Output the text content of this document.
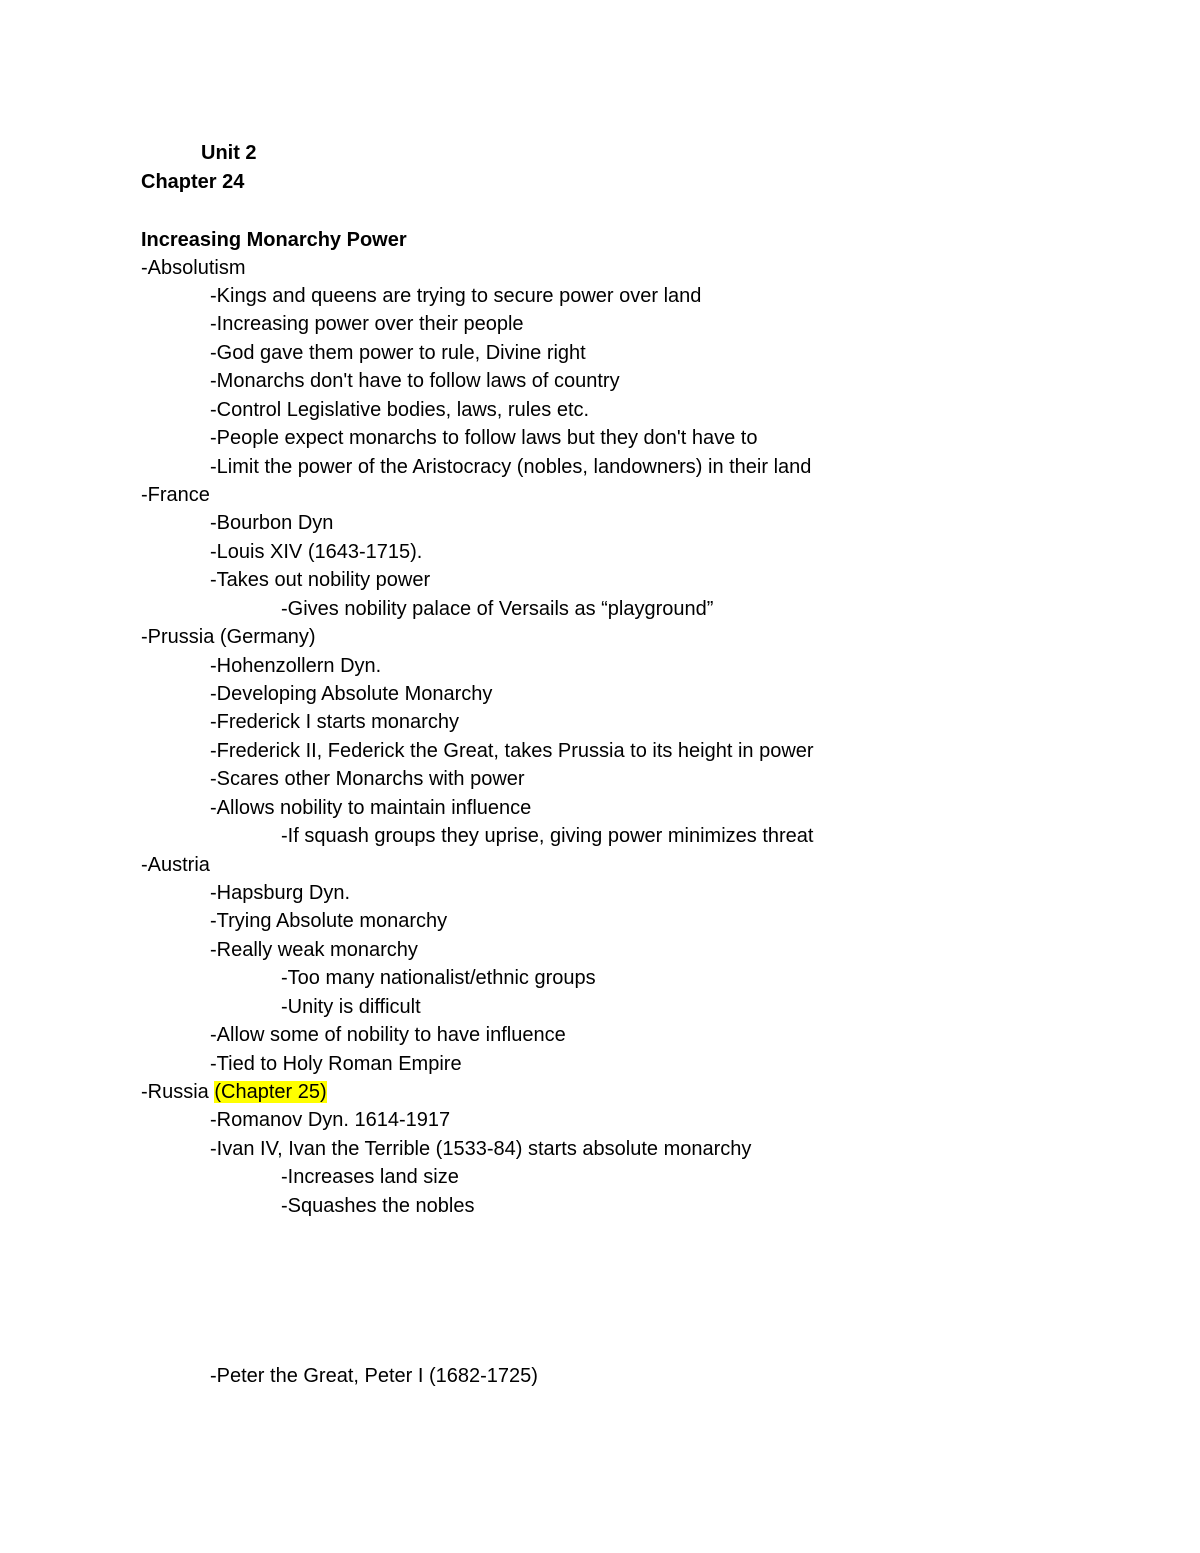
Unit 2
Chapter 24
Increasing Monarchy Power
-Absolutism
-Kings and queens are trying to secure power over land
-Increasing power over their people
-God gave them power to rule, Divine right
-Monarchs don't have to follow laws of country
-Control Legislative bodies, laws, rules etc.
-People expect monarchs to follow laws but they don't have to
-Limit the power of the Aristocracy (nobles, landowners) in their land
-France
-Bourbon Dyn
-Louis XIV (1643-1715).
-Takes out nobility power
-Gives nobility palace of Versails as “playground”
-Prussia (Germany)
-Hohenzollern Dyn.
-Developing Absolute Monarchy
-Frederick I starts monarchy
-Frederick II, Federick the Great, takes Prussia to its height in power
-Scares other Monarchs with power
-Allows nobility to maintain influence
-If squash groups they uprise, giving power minimizes threat
-Austria
-Hapsburg Dyn.
-Trying Absolute monarchy
-Really weak monarchy
-Too many nationalist/ethnic groups
-Unity is difficult
-Allow some of nobility to have influence
-Tied to Holy Roman Empire
-Russia (Chapter 25)
-Romanov Dyn. 1614-1917
-Ivan IV, Ivan the Terrible (1533-84) starts absolute monarchy
-Increases land size
-Squashes the nobles
-Peter the Great, Peter I (1682-1725)
